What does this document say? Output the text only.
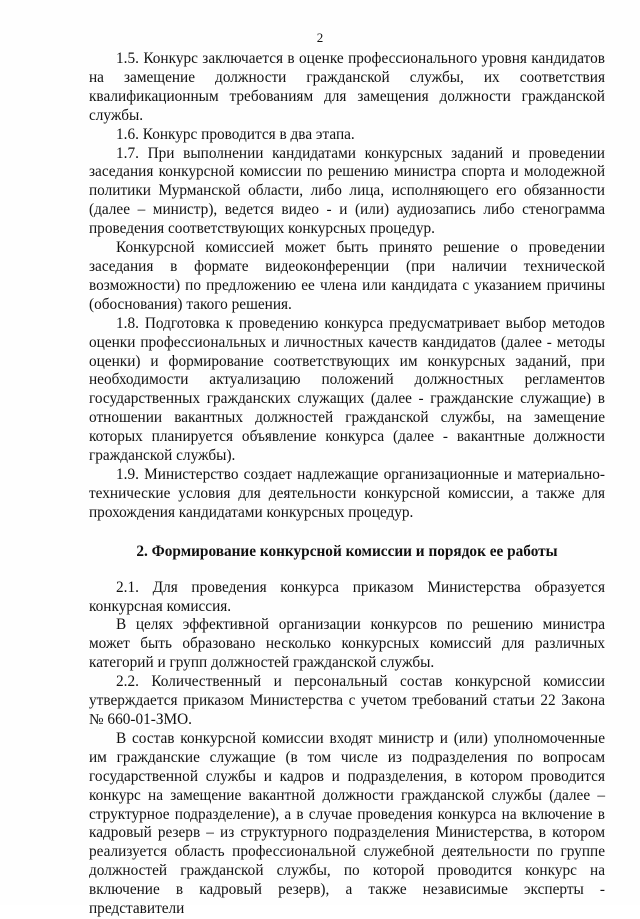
2

1.5. Конкурс заключается в оценке профессионального уровня кандидатов на замещение должности гражданской службы, их соответствия квалификационным требованиям для замещения должности гражданской службы.

1.6. Конкурс проводится в два этапа.

1.7. При выполнении кандидатами конкурсных заданий и проведении заседания конкурсной комиссии по решению министра спорта и молодежной политики Мурманской области, либо лица, исполняющего его обязанности (далее – министр), ведется видео - и (или) аудиозапись либо стенограмма проведения соответствующих конкурсных процедур.

Конкурсной комиссией может быть принято решение о проведении заседания в формате видеоконференции (при наличии технической возможности) по предложению ее члена или кандидата с указанием причины (обоснования) такого решения.

1.8. Подготовка к проведению конкурса предусматривает выбор методов оценки профессиональных и личностных качеств кандидатов (далее - методы оценки) и формирование соответствующих им конкурсных заданий, при необходимости актуализацию положений должностных регламентов государственных гражданских служащих (далее - гражданские служащие) в отношении вакантных должностей гражданской службы, на замещение которых планируется объявление конкурса (далее - вакантные должности гражданской службы).

1.9. Министерство создает надлежащие организационные и материально-технические условия для деятельности конкурсной комиссии, а также для прохождения кандидатами конкурсных процедур.

2. Формирование конкурсной комиссии и порядок ее работы

2.1. Для проведения конкурса приказом Министерства образуется конкурсная комиссия.

В целях эффективной организации конкурсов по решению министра может быть образовано несколько конкурсных комиссий для различных категорий и групп должностей гражданской службы.

2.2. Количественный и персональный состав конкурсной комиссии утверждается приказом Министерства с учетом требований статьи 22 Закона № 660-01-ЗМО.

В состав конкурсной комиссии входят министр и (или) уполномоченные им гражданские служащие (в том числе из подразделения по вопросам государственной службы и кадров и подразделения, в котором проводится конкурс на замещение вакантной должности гражданской службы (далее – структурное подразделение), а в случае проведения конкурса на включение в кадровый резерв – из структурного подразделения Министерства, в котором реализуется область профессиональной служебной деятельности по группе должностей гражданской службы, по которой проводится конкурс на включение в кадровый резерв), а также независимые эксперты - представители
